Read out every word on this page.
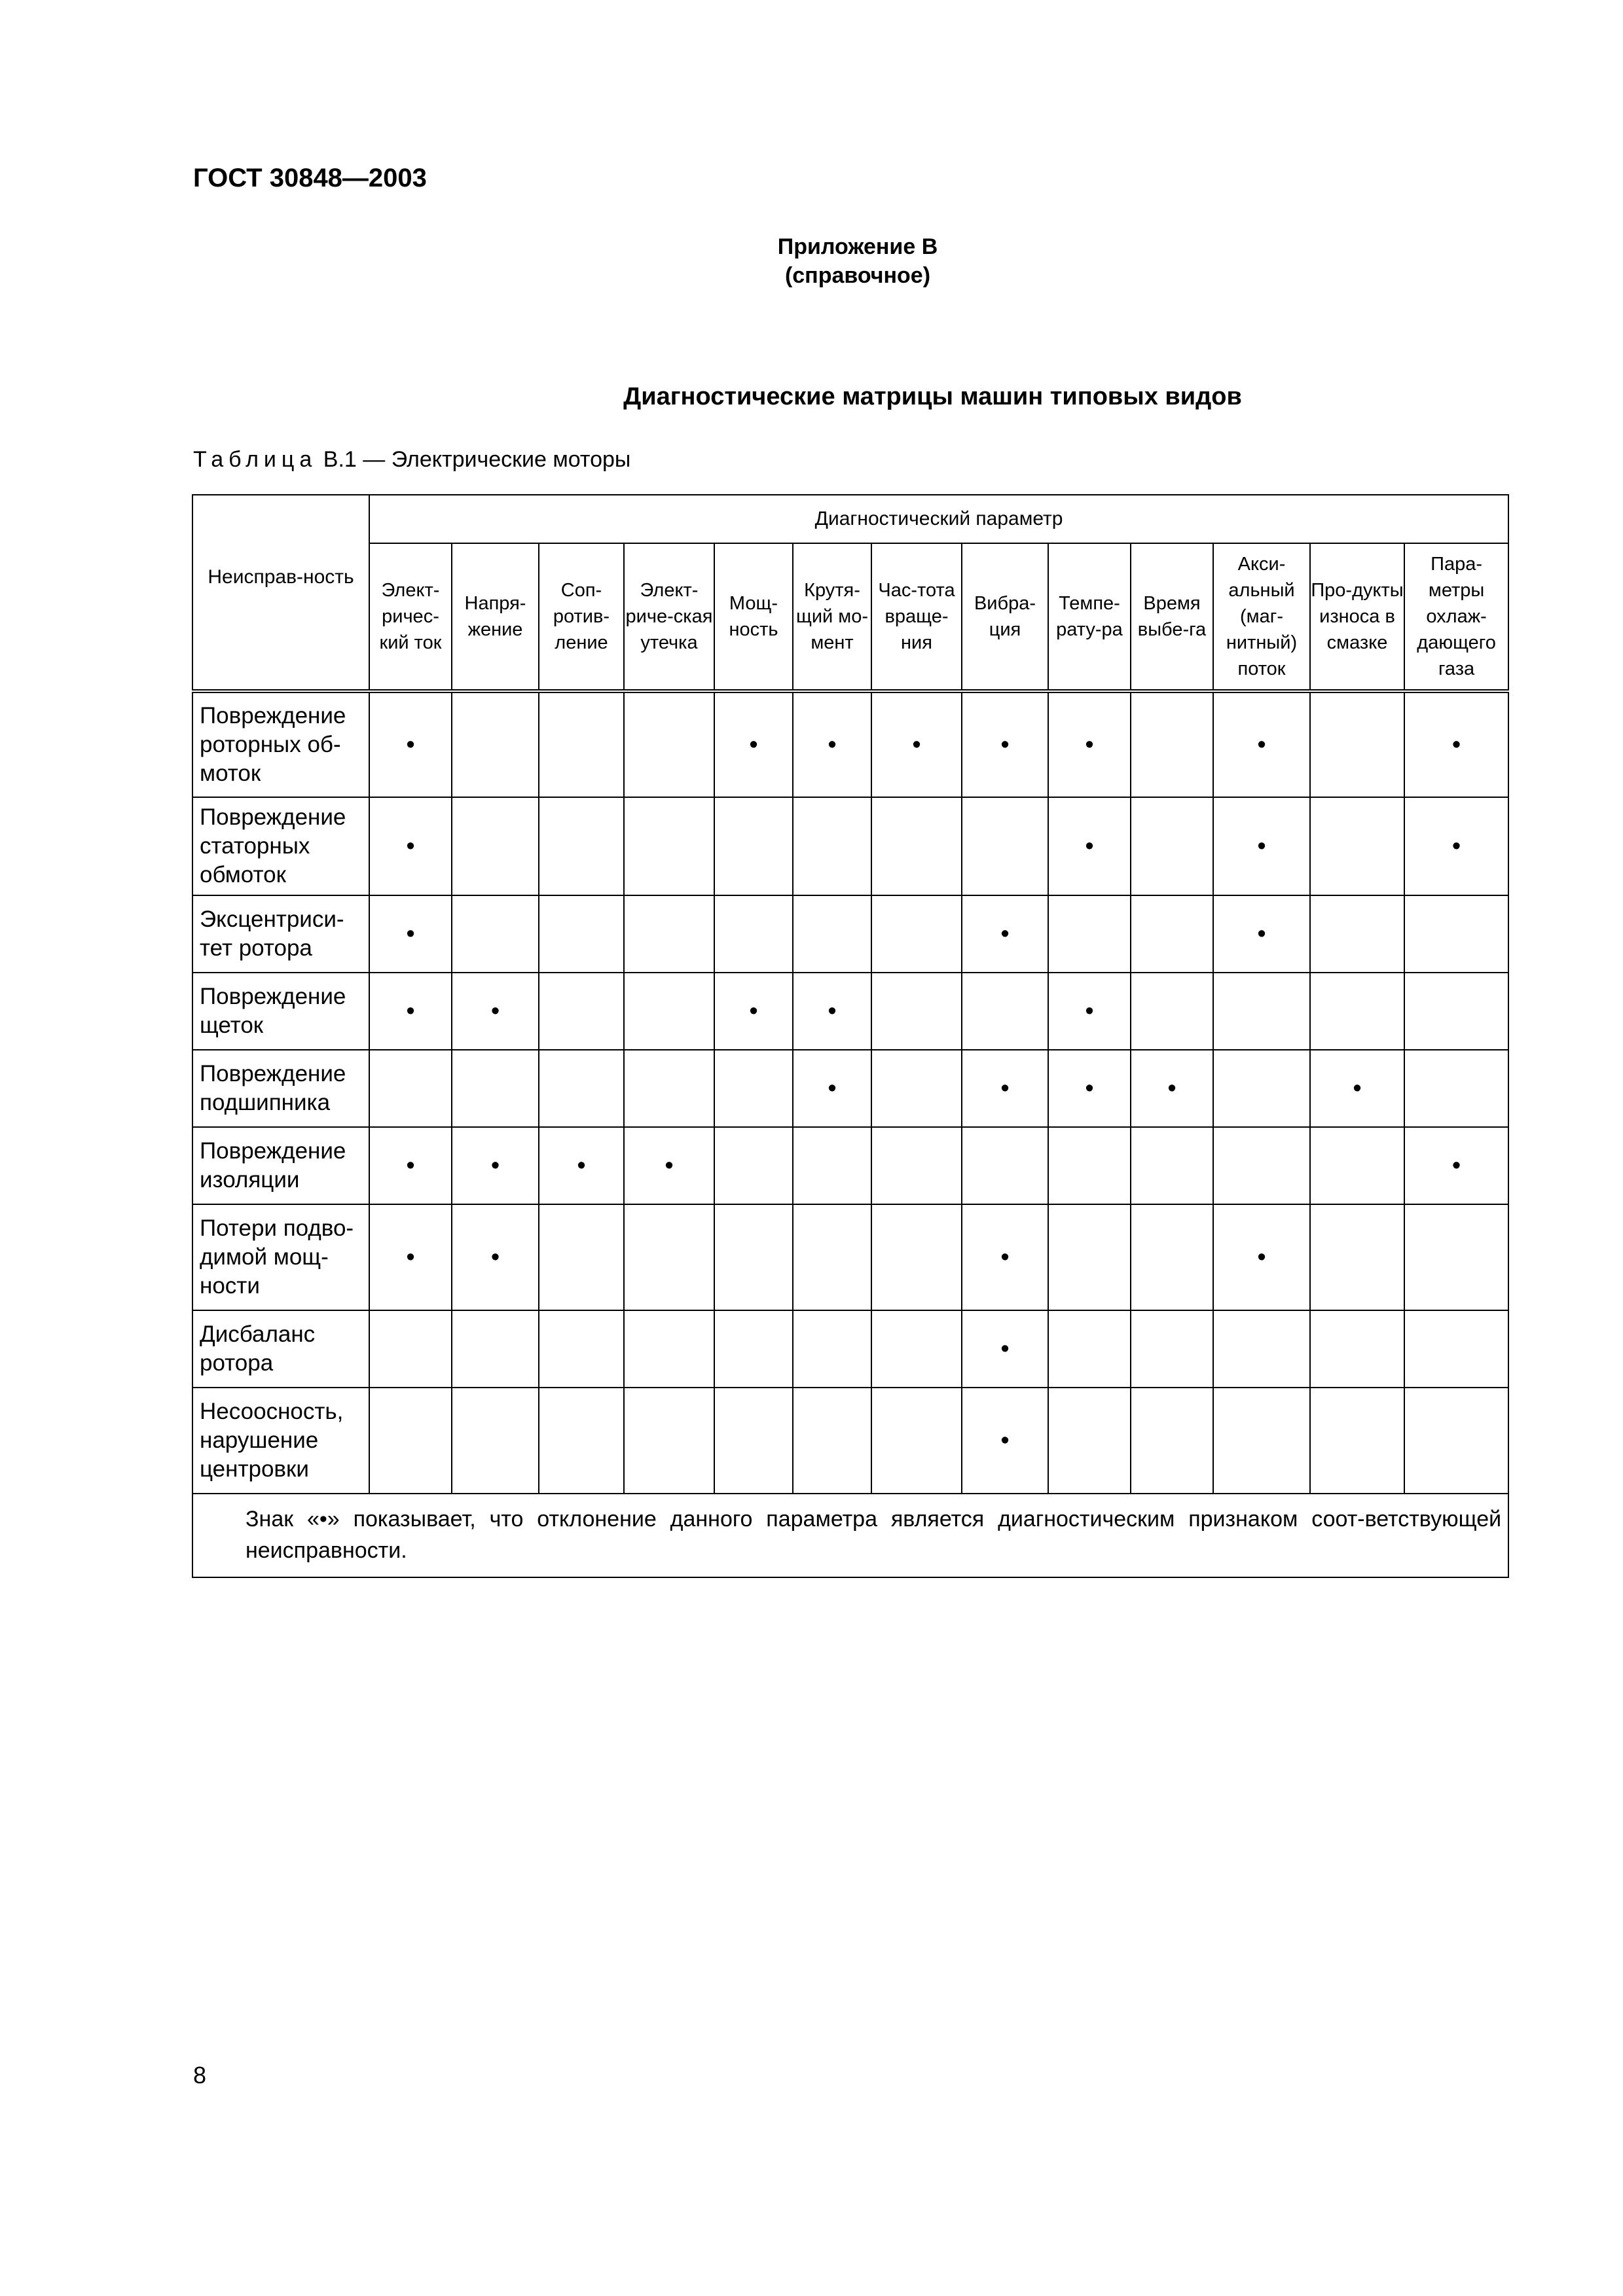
ГОСТ 30848—2003

Приложение В
(справочное)

Диагностические матрицы машин типовых видов

Таблица В.1 — Электрические моторы

Неисправ-ность	Диагностический параметр												
	Элект-ричес-кий ток	Напря-жение	Соп-ротив-ление	Элект-риче-ская утечка	Мощ-ность	Крутя-щий мо-мент	Час-тота враще-ния	Вибра-ция	Темпе-рату-ра	Время выбе-га	Акси-альный (маг-нитный) поток	Про-дукты износа в смазке	Пара-метры охлаж-дающего газа
Повреждение роторных об-моток	•				•	•	•	•	•		•		•
Повреждение статорных обмоток	•								•		•		•
Эксцентриси-тет ротора	•							•			•		
Повреждение щеток	•	•			•	•			•				
Повреждение подшипника						•		•	•	•		•	
Повреждение изоляции	•	•	•	•									•
Потери подво-димой мощ-ности	•	•						•			•		
Дисбаланс ротора								•					
Несоосность, нарушение центровки								•					

Знак «•» показывает, что отклонение данного параметра является диагностическим признаком соот-ветствующей неисправности.													

8
